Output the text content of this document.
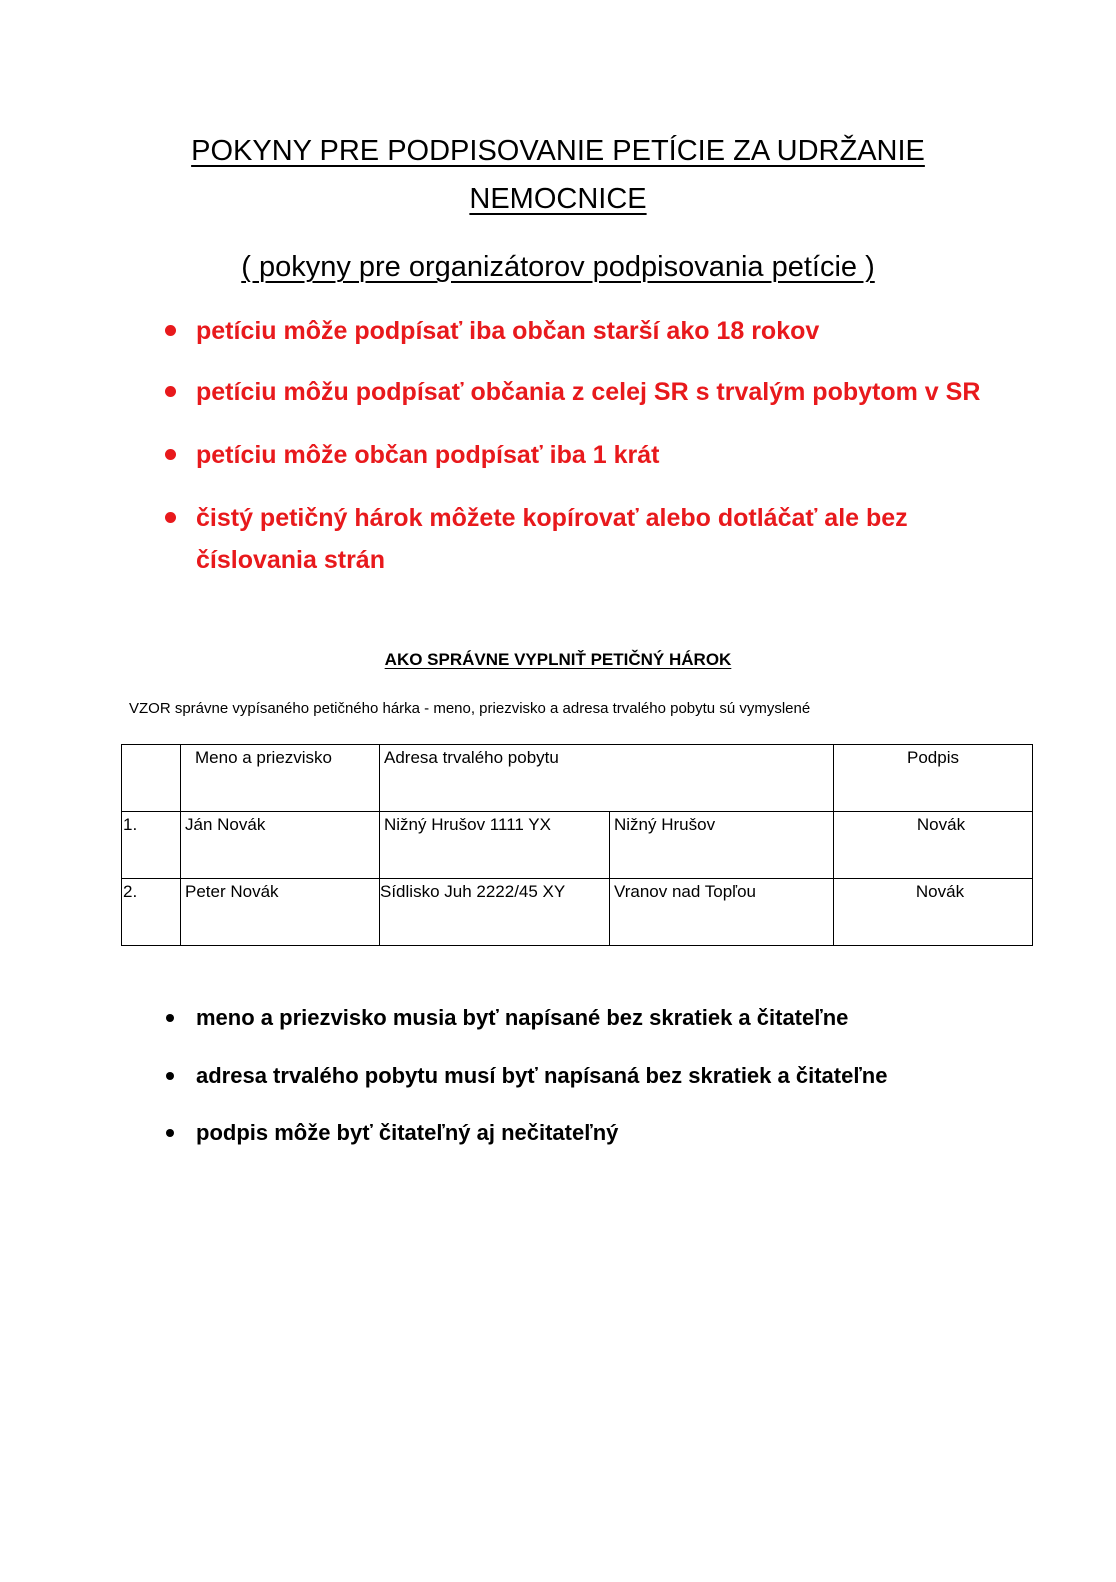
POKYNY PRE PODPISOVANIE PETÍCIE ZA UDRŽANIE
NEMOCNICE
( pokyny pre organizátorov podpisovania petície )
petíciu môže podpísať iba občan starší ako 18 rokov
petíciu môžu podpísať občania z celej SR s trvalým pobytom v SR
petíciu môže občan podpísať iba 1 krát
čistý petičný hárok môžete kopírovať alebo dotláčať ale bez
číslovania strán
AKO SPRÁVNE VYPLNIŤ PETIČNÝ HÁROK
VZOR správne vypísaného petičného hárka - meno, priezvisko a adresa trvalého pobytu sú vymyslené
	Meno a priezvisko	Adresa trvalého pobytu		Podpis
1.	Ján Novák	Nižný Hrušov 1111 YX	Nižný Hrušov	Novák
2.	Peter Novák	Sídlisko Juh 2222/45 XY	Vranov nad Topľou	Novák
meno a priezvisko musia byť napísané bez skratiek a čitateľne
adresa trvalého pobytu musí byť napísaná bez skratiek a čitateľne
podpis môže byť čitateľný aj nečitateľný
